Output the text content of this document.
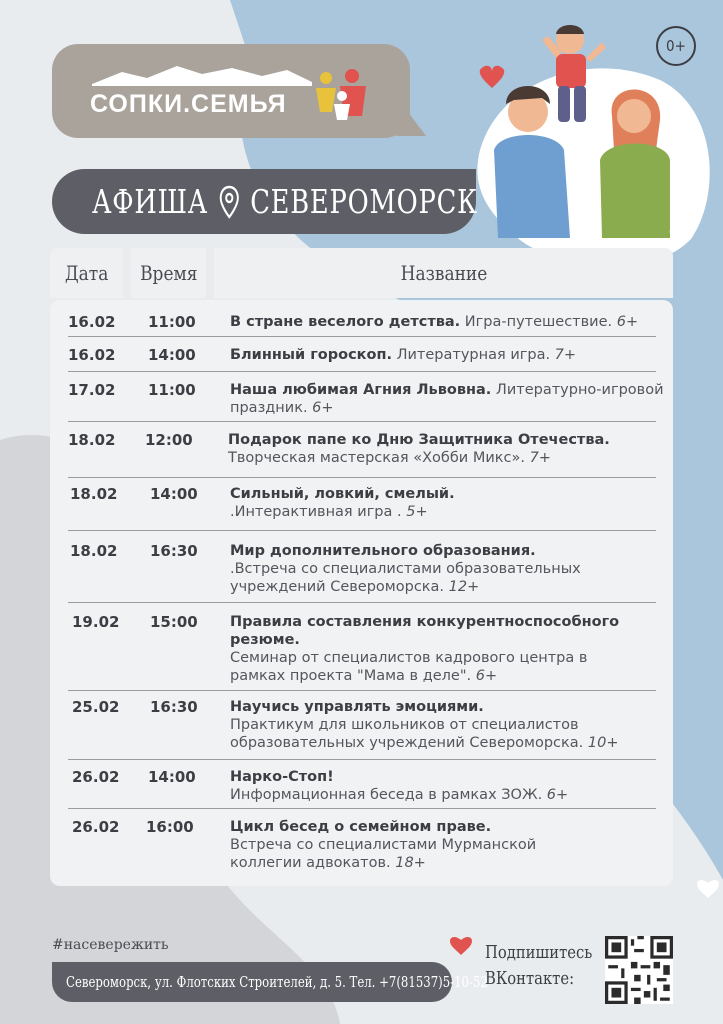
СОПКИ.СЕМЬЯ
0+
АФИША СЕВЕРОМОРСК
Дата Время	Название
16.02 11:00 В стране веселого детства. Игра-путешествие. 6+
16.02 14:00 Блинный гороскоп. Литературная игра. 7+
17.02 11:00 Наша любимая Агния Львовна. Литературно-игровой праздник. 6+
18.02 12:00 Подарок папе ко Дню Защитника Отечества.
Творческая мастерская «Хобби Микс». 7+
18.02 14:00 Сильный, ловкий, смелый.
.Интерактивная игра . 5+
18.02 16:30 Мир дополнительного образования.
.Встреча со специалистами образовательных учреждений Североморска. 12+
19.02 15:00 Правила составления конкурентноспособного резюме.
Семинар от специалистов кадрового центра в рамках проекта "Мама в деле". 6+
25.02 16:30 Научись управлять эмоциями.
Практикум для школьников от специалистов образовательных учреждений Североморска. 10+
26.02 14:00 Нарко-Стоп!
Информационная беседа в рамках ЗОЖ. 6+
26.02 16:00	Цикл бесед о семейном праве.
Встреча со специалистами Мурманской коллегии адвокатов. 18+
#насевережить
Североморск, ул. Флотских Строителей, д. 5. Тел. +7(81537)5-10-52
Подпишитесь
ВКонтакте:
